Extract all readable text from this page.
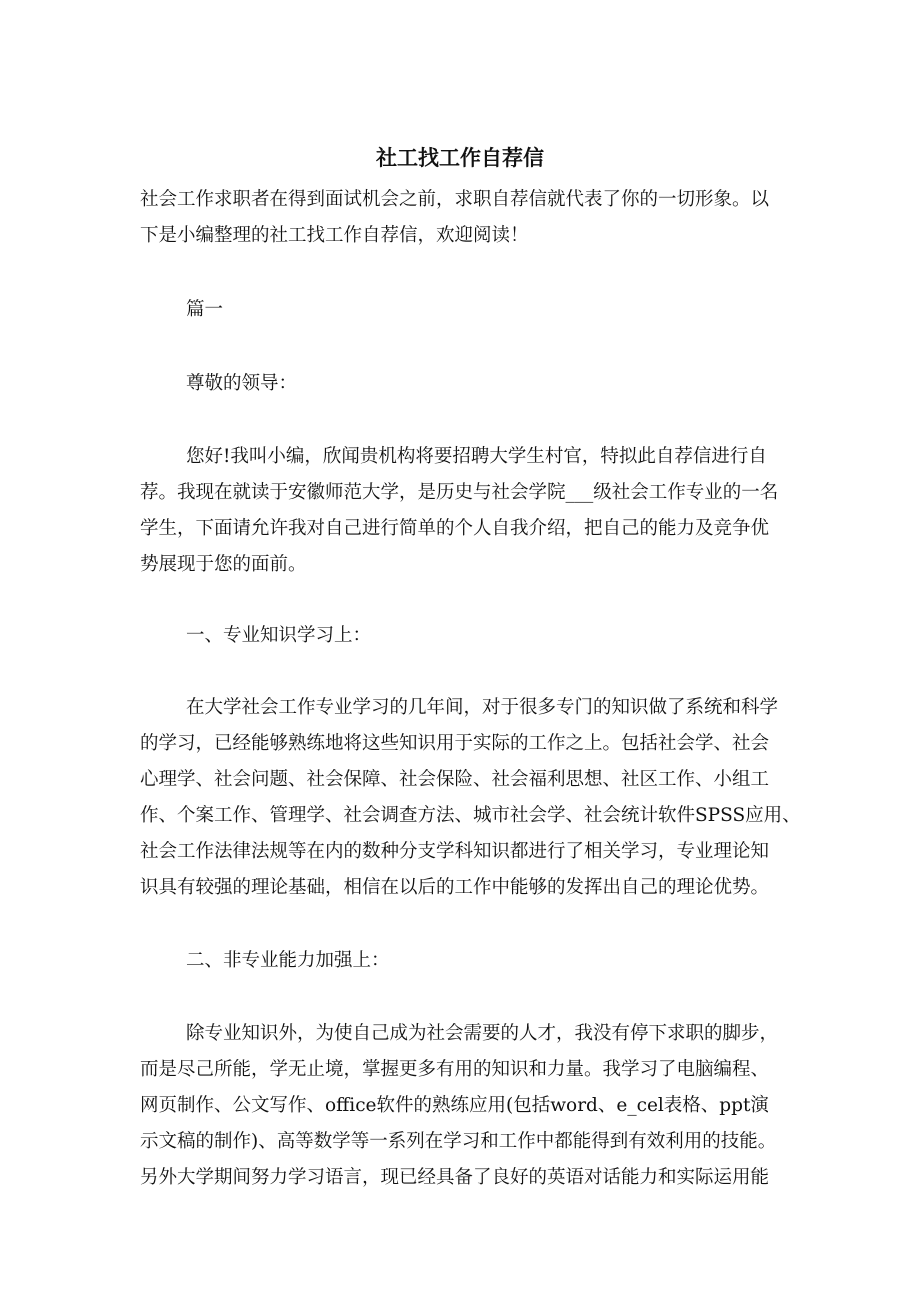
社工找工作自荐信
社会工作求职者在得到面试机会之前，求职自荐信就代表了你的一切形象。以
下是小编整理的社工找工作自荐信，欢迎阅读！
篇一
尊敬的领导：
您好!我叫小编，欣闻贵机构将要招聘大学生村官，特拟此自荐信进行自
荐。我现在就读于安徽师范大学，是历史与社会学院___级社会工作专业的一名
学生，下面请允许我对自己进行简单的个人自我介绍，把自己的能力及竞争优
势展现于您的面前。
一、专业知识学习上：
在大学社会工作专业学习的几年间，对于很多专门的知识做了系统和科学
的学习，已经能够熟练地将这些知识用于实际的工作之上。包括社会学、社会
心理学、社会问题、社会保障、社会保险、社会福利思想、社区工作、小组工
作、个案工作、管理学、社会调查方法、城市社会学、社会统计软件SPSS应用、
社会工作法律法规等在内的数种分支学科知识都进行了相关学习，专业理论知
识具有较强的理论基础，相信在以后的工作中能够的发挥出自己的理论优势。
二、非专业能力加强上：
除专业知识外，为使自己成为社会需要的人才，我没有停下求职的脚步，
而是尽己所能，学无止境，掌握更多有用的知识和力量。我学习了电脑编程、
网页制作、公文写作、office软件的熟练应用(包括word、e_cel表格、ppt演
示文稿的制作)、高等数学等一系列在学习和工作中都能得到有效利用的技能。
另外大学期间努力学习语言，现已经具备了良好的英语对话能力和实际运用能
